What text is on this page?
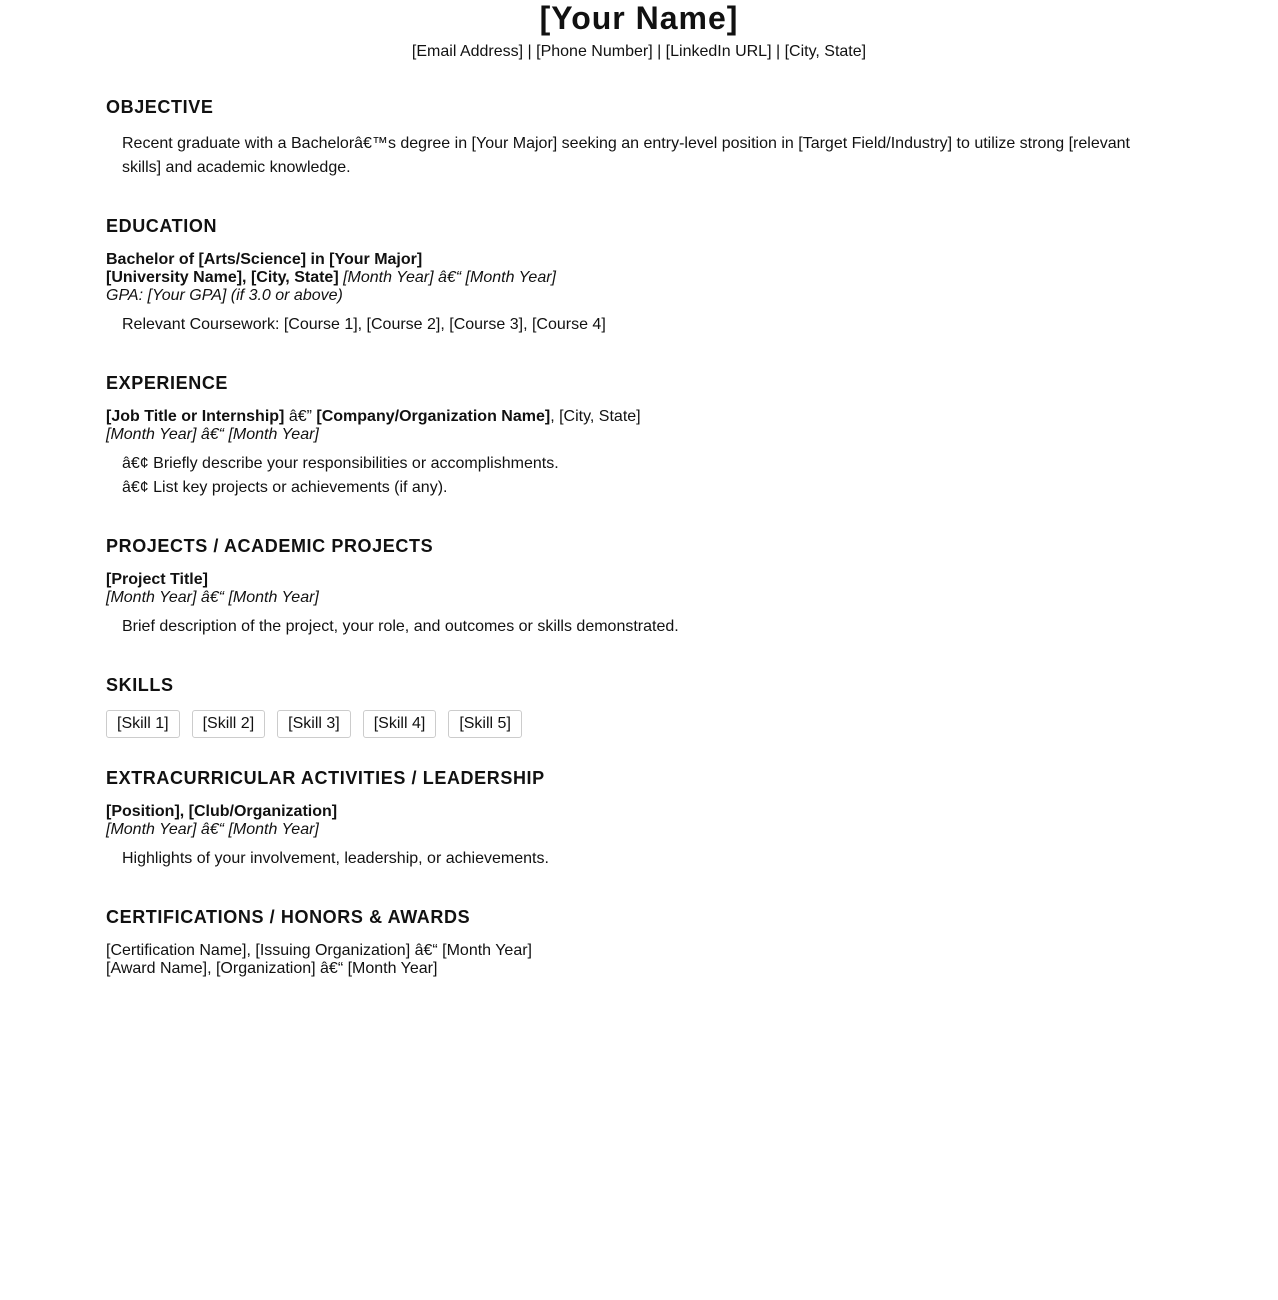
[Your Name]
[Email Address] | [Phone Number] | [LinkedIn URL] | [City, State]
OBJECTIVE
Recent graduate with a Bachelorâ€™s degree in [Your Major] seeking an entry-level position in [Target Field/Industry] to utilize strong [relevant skills] and academic knowledge.
EDUCATION
Bachelor of [Arts/Science] in [Your Major]
[University Name], [City, State] [Month Year] â€“ [Month Year]
GPA: [Your GPA] (if 3.0 or above)
Relevant Coursework: [Course 1], [Course 2], [Course 3], [Course 4]
EXPERIENCE
[Job Title or Internship] â€” [Company/Organization Name], [City, State]
[Month Year] â€“ [Month Year]
â€¢ Briefly describe your responsibilities or accomplishments.
â€¢ List key projects or achievements (if any).
PROJECTS / ACADEMIC PROJECTS
[Project Title]
[Month Year] â€“ [Month Year]
Brief description of the project, your role, and outcomes or skills demonstrated.
SKILLS
[Skill 1]	[Skill 2]	[Skill 3]	[Skill 4]	[Skill 5]
EXTRACURRICULAR ACTIVITIES / LEADERSHIP
[Position], [Club/Organization]
[Month Year] â€“ [Month Year]
Highlights of your involvement, leadership, or achievements.
CERTIFICATIONS / HONORS & AWARDS
[Certification Name], [Issuing Organization] â€“ [Month Year]
[Award Name], [Organization] â€“ [Month Year]
